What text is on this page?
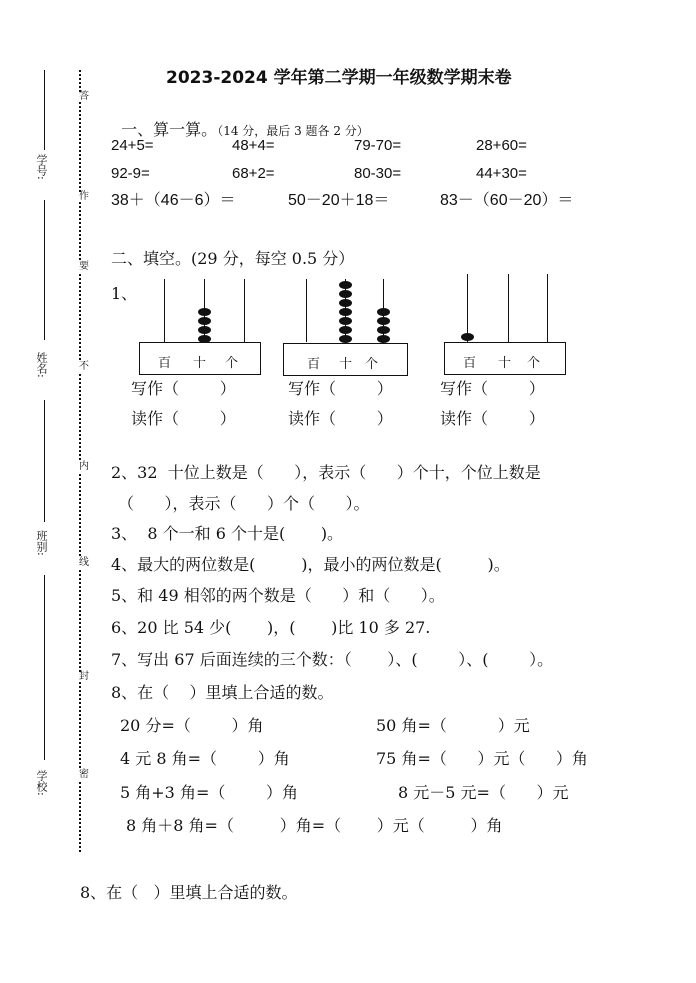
2023-2024 学年第二学期一年级数学期末卷
学号:
姓名:
班别:
学校:
答
作
要
不
内
线
封
密

一、算一算。（14 分，最后 3 题各 2 分）

24+5=	48+4=	79-70=	28+60=
92-9=	68+2=	80-30=	44+30=
38＋（46－6）＝	50－20＋18＝	83－（60－20）＝
二、填空。(29 分，每空 0.5 分）
1、
百 十 个	百 十 个	百 十 个
写作（        ）	写作（        ）	写作（        ）
读作（        ）	读作（        ）	读作（        ）
2、32  十位上数是（      ），表示（      ）个十，个位上数是
（      ），表示（      ）个（      ）。
3、  8 个一和 6 个十是(       )。
4、最大的两位数是(         )，最小的两位数是(         )。
5、和 49 相邻的两个数是（      ）和（      ）。
6、20 比 54 少(       )，(       )比 10 多 27.
7、写出 67 后面连续的三个数：（       ）、(        ）、(        ）。
8、在（    ）里填上合适的数。
20 分=（        ）角	50 角=（          ）元
4 元 8 角=（        ）角	75 角=（      ）元（      ）角
5 角+3 角=（        ）角	8 元－5 元=（      ）元
8 角＋8 角=（         ）角=（       ）元（         ）角
8、在（   ）里填上合适的数。
